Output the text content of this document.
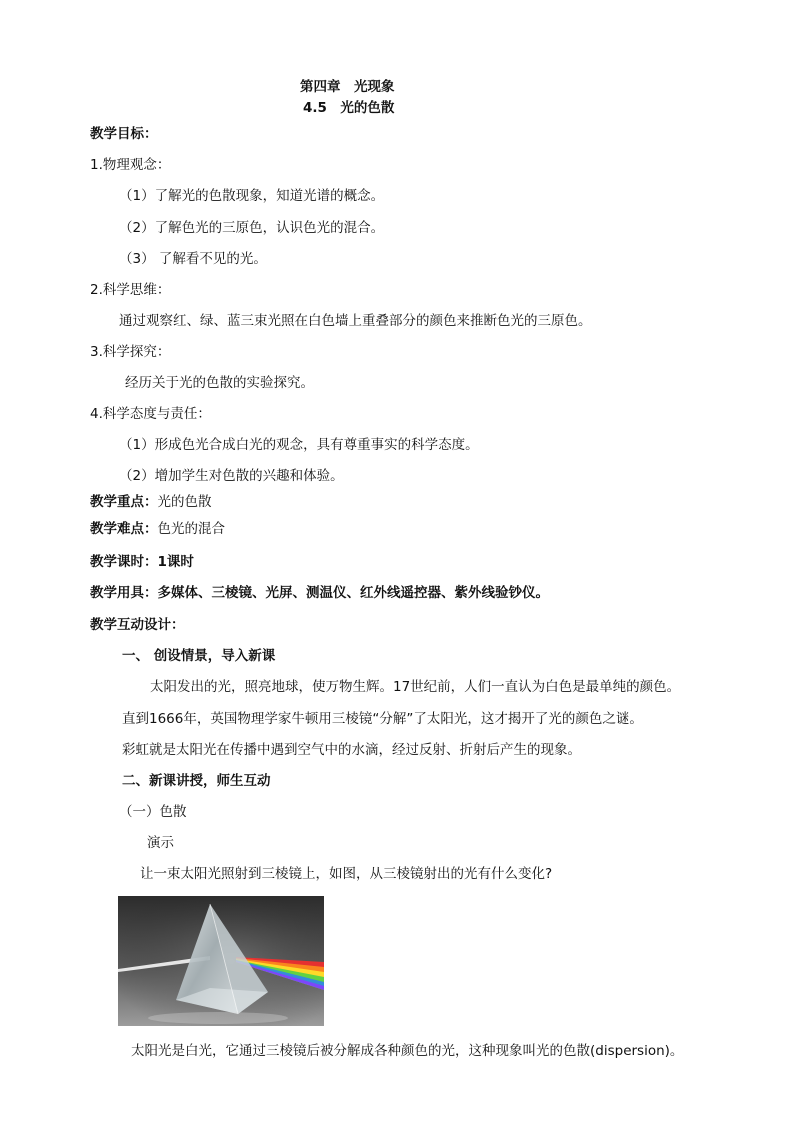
第四章　光现象
4.5　光的色散
教学目标：
1.物理观念：
（1）了解光的色散现象，知道光谱的概念。
（2）了解色光的三原色，认识色光的混合。
（3） 了解看不见的光。
2.科学思维：
通过观察红、绿、蓝三束光照在白色墙上重叠部分的颜色来推断色光的三原色。
3.科学探究：
经历关于光的色散的实验探究。
4.科学态度与责任：
（1）形成色光合成白光的观念，具有尊重事实的科学态度。
（2）增加学生对色散的兴趣和体验。
教学重点：光的色散
教学难点：色光的混合
教学课时：1课时
教学用具：多媒体、三棱镜、光屏、测温仪、红外线遥控器、紫外线验钞仪。
教学互动设计：
一、 创设情景，导入新课
太阳发出的光，照亮地球，使万物生辉。17世纪前，人们一直认为白色是最单纯的颜色。
直到1666年，英国物理学家牛顿用三棱镜“分解”了太阳光，这才揭开了光的颜色之谜。
彩虹就是太阳光在传播中遇到空气中的水滴，经过反射、折射后产生的现象。
二、新课讲授，师生互动
（一）色散
演示
让一束太阳光照射到三棱镜上，如图，从三棱镜射出的光有什么变化?
太阳光是白光，它通过三棱镜后被分解成各种颜色的光，这种现象叫光的色散(dispersion)。
